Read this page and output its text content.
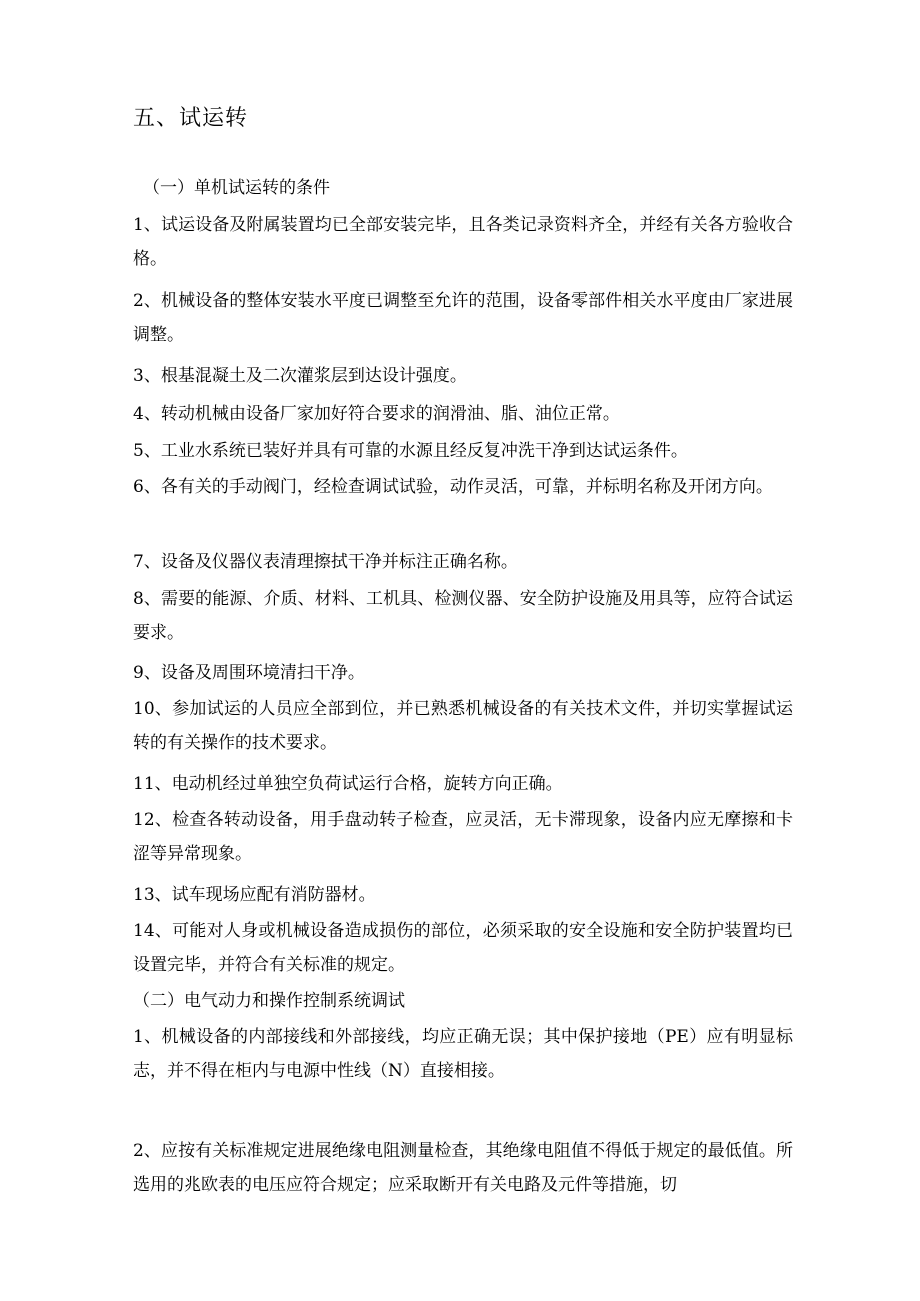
五、试运转
（一）单机试运转的条件
1、试运设备及附属装置均已全部安装完毕，且各类记录资料齐全，并经有关各方验收合格。
2、机械设备的整体安装水平度已调整至允许的范围，设备零部件相关水平度由厂家进展调整。
3、根基混凝土及二次灌浆层到达设计强度。
4、转动机械由设备厂家加好符合要求的润滑油、脂、油位正常。
5、工业水系统已装好并具有可靠的水源且经反复冲洗干净到达试运条件。
6、各有关的手动阀门，经检查调试试验，动作灵活，可靠，并标明名称及开闭方向。
7、设备及仪器仪表清理擦拭干净并标注正确名称。
8、需要的能源、介质、材料、工机具、检测仪器、安全防护设施及用具等，应符合试运要求。
9、设备及周围环境清扫干净。
10、参加试运的人员应全部到位，并已熟悉机械设备的有关技术文件，并切实掌握试运转的有关操作的技术要求。
11、电动机经过单独空负荷试运行合格，旋转方向正确。
12、检查各转动设备，用手盘动转子检查，应灵活，无卡滞现象，设备内应无摩擦和卡涩等异常现象。
13、试车现场应配有消防器材。
14、可能对人身或机械设备造成损伤的部位，必须采取的安全设施和安全防护装置均已设置完毕，并符合有关标准的规定。
（二）电气动力和操作控制系统调试
1、机械设备的内部接线和外部接线，均应正确无误；其中保护接地（PE）应有明显标志，并不得在柜内与电源中性线（N）直接相接。
2、应按有关标准规定进展绝缘电阻测量检查，其绝缘电阻值不得低于规定的最低值。所选用的兆欧表的电压应符合规定；应采取断开有关电路及元件等措施，切
